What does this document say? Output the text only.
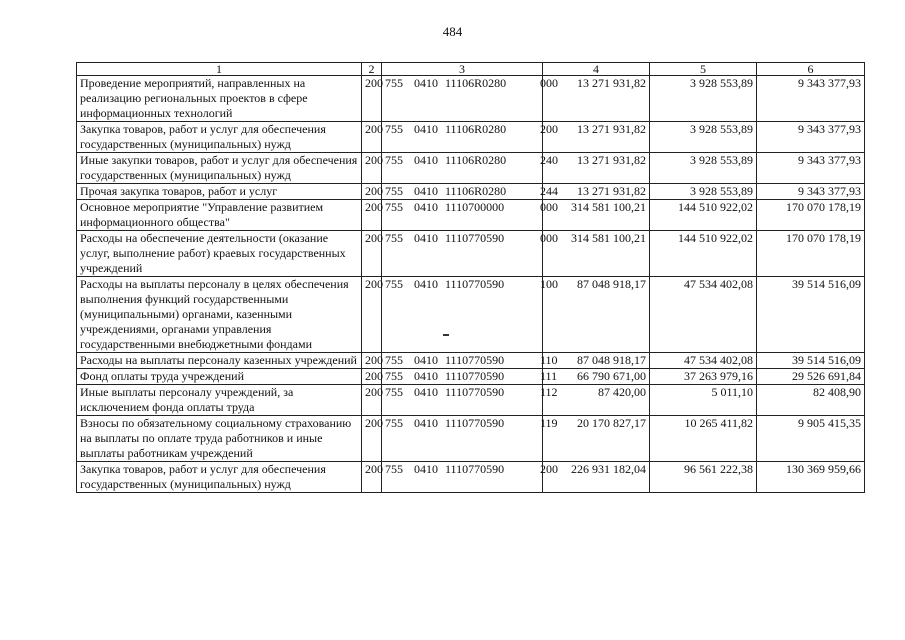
484
1	2	3	4	5	6
Проведение мероприятий, направленных на реализацию региональных проектов в сфере информационных технологий	200	755 0410 11106R0280 000	13 271 931,82	3 928 553,89	9 343 377,93
Закупка товаров, работ и услуг для обеспечения государственных (муниципальных) нужд	200	755 0410 11106R0280 200	13 271 931,82	3 928 553,89	9 343 377,93
Иные закупки товаров, работ и услуг для обеспечения государственных (муниципальных) нужд	200	755 0410 11106R0280 240	13 271 931,82	3 928 553,89	9 343 377,93
Прочая закупка товаров, работ и услуг	200	755 0410 11106R0280 244	13 271 931,82	3 928 553,89	9 343 377,93
Основное мероприятие "Управление развитием информационного общества"	200	755 0410 1110700000 000	314 581 100,21	144 510 922,02	170 070 178,19
Расходы на обеспечение деятельности (оказание услуг, выполнение работ) краевых государственных учреждений	200	755 0410 1110770590 000	314 581 100,21	144 510 922,02	170 070 178,19
Расходы на выплаты персоналу в целях обеспечения выполнения функций государственными (муниципальными) органами, казенными учреждениями, органами управления государственными внебюджетными фондами	200	755 0410 1110770590 100	87 048 918,17	47 534 402,08	39 514 516,09
Расходы на выплаты персоналу казенных учреждений	200	755 0410 1110770590 110	87 048 918,17	47 534 402,08	39 514 516,09
Фонд оплаты труда учреждений	200	755 0410 1110770590 111	66 790 671,00	37 263 979,16	29 526 691,84
Иные выплаты персоналу учреждений, за исключением фонда оплаты труда	200	755 0410 1110770590 112	87 420,00	5 011,10	82 408,90
Взносы по обязательному социальному страхованию на выплаты по оплате труда работников и иные выплаты работникам учреждений	200	755 0410 1110770590 119	20 170 827,17	10 265 411,82	9 905 415,35
Закупка товаров, работ и услуг для обеспечения государственных (муниципальных) нужд	200	755 0410 1110770590 200	226 931 182,04	96 561 222,38	130 369 959,66
